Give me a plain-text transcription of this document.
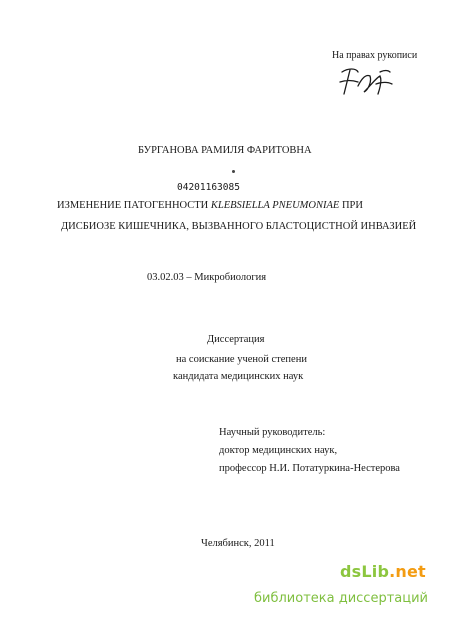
На правах рукописи
БУРГАНОВА РАМИЛЯ ФАРИТОВНА
04201163085
ИЗМЕНЕНИЕ ПАТОГЕННОСТИ KLEBSIELLA PNEUMONIAE ПРИ
ДИСБИОЗЕ КИШЕЧНИКА, ВЫЗВАННОГО БЛАСТОЦИСТНОЙ ИНВАЗИЕЙ
03.02.03 – Микробиология
Диссертация
на соискание ученой степени
кандидата медицинских наук
Научный руководитель:
доктор медицинских наук,
профессор Н.И. Потатуркина-Нестерова
Челябинск, 2011
dsLib.net
библиотека диссертаций
